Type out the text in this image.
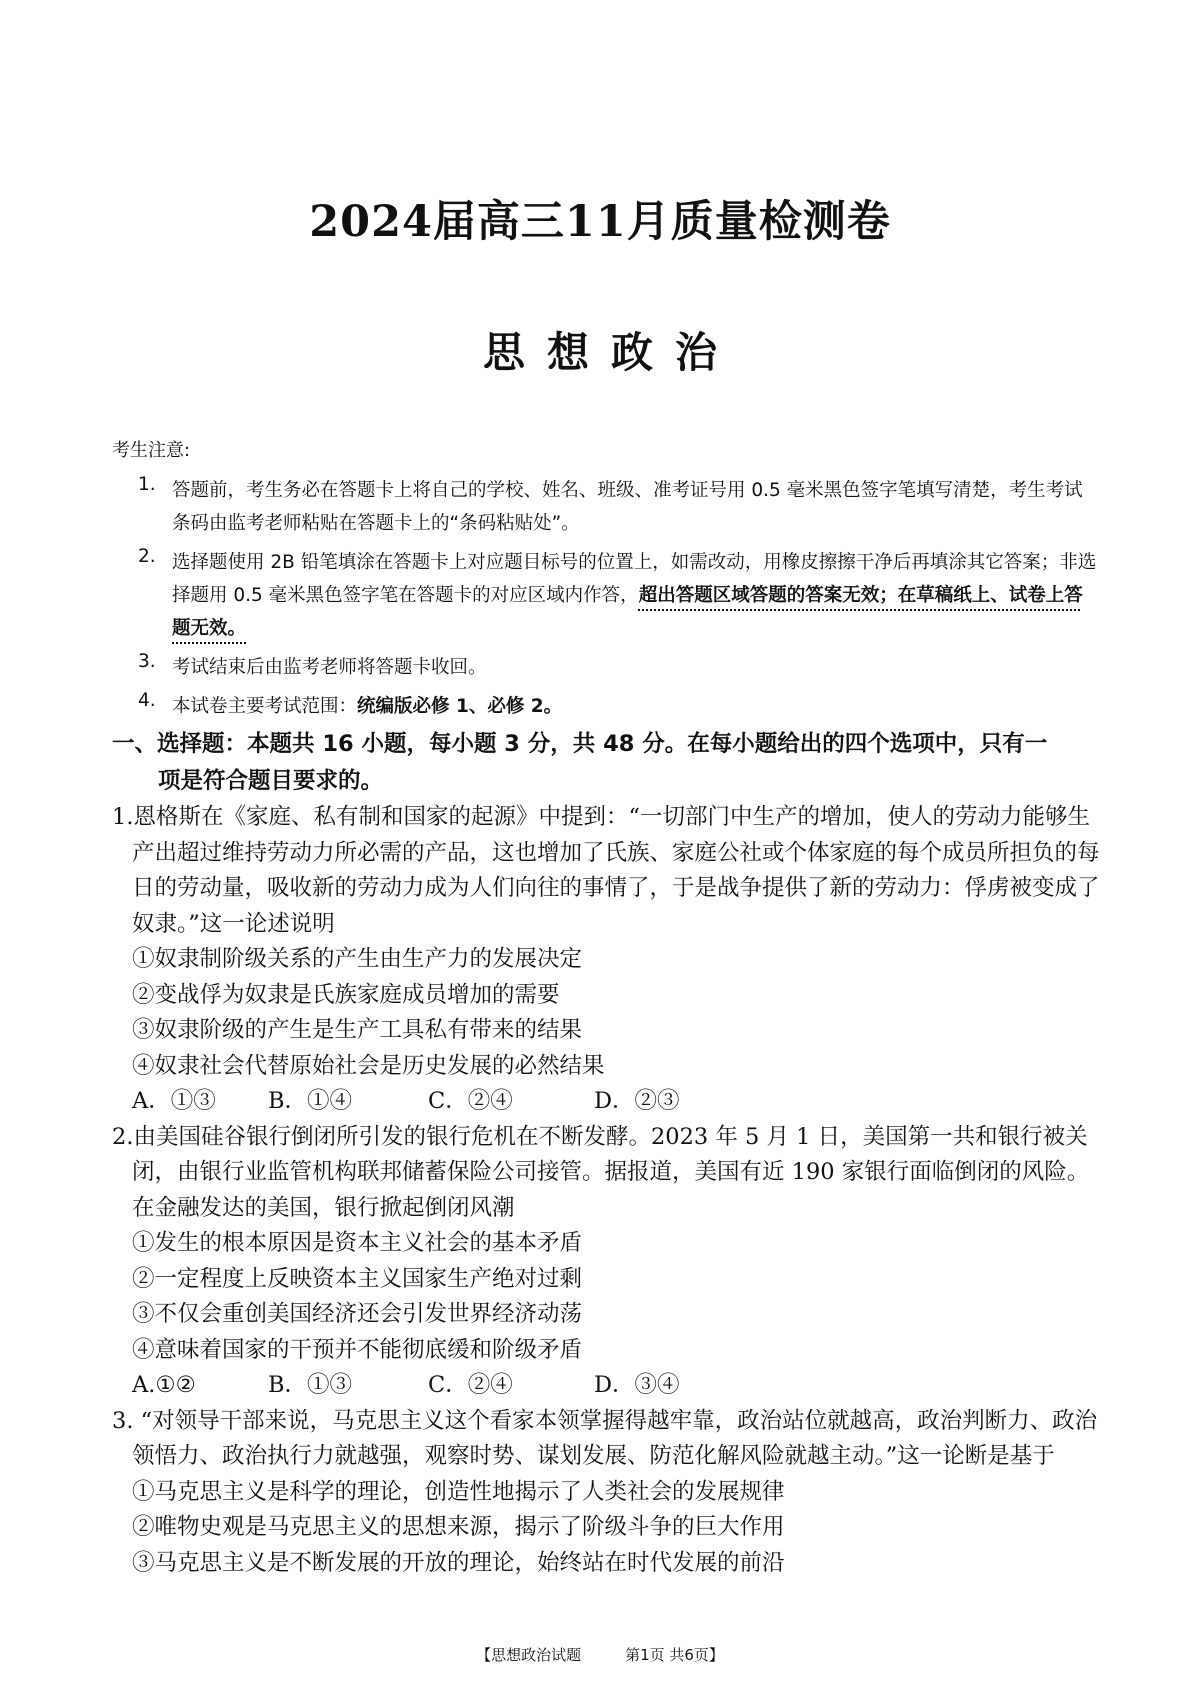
2024届高三11月质量检测卷
思想政治
考生注意:
1. 答题前，考生务必在答题卡上将自己的学校、姓名、班级、准考证号用 0.5 毫米黑色签字笔填写清楚，考生考试条码由监考老师粘贴在答题卡上的“条码粘贴处”。
2. 选择题使用 2B 铅笔填涂在答题卡上对应题目标号的位置上，如需改动，用橡皮擦擦干净后再填涂其它答案；非选择题用 0.5 毫米黑色签字笔在答题卡的对应区域内作答，超出答题区域答题的答案无效；在草稿纸上、试卷上答题无效。
3. 考试结束后由监考老师将答题卡收回。
4. 本试卷主要考试范围：统编版必修 1、必修 2。
一、选择题：本题共 16 小题，每小题 3 分，共 48 分。在每小题给出的四个选项中，只有一
项是符合题目要求的。
1.恩格斯在《家庭、私有制和国家的起源》中提到：“一切部门中生产的增加，使人的劳动力能够生产出超过维持劳动力所必需的产品，这也增加了氏族、家庭公社或个体家庭的每个成员所担负的每日的劳动量，吸收新的劳动力成为人们向往的事情了，于是战争提供了新的劳动力：俘虏被变成了奴隶。”这一论述说明
①奴隶制阶级关系的产生由生产力的发展决定
②变战俘为奴隶是氏族家庭成员增加的需要
③奴隶阶级的产生是生产工具私有带来的结果
④奴隶社会代替原始社会是历史发展的必然结果
A．①③	B．①④	C．②④	D．②③
2.由美国硅谷银行倒闭所引发的银行危机在不断发酵。2023 年 5 月 1 日，美国第一共和银行被关闭，由银行业监管机构联邦储蓄保险公司接管。据报道，美国有近 190 家银行面临倒闭的风险。在金融发达的美国，银行掀起倒闭风潮
①发生的根本原因是资本主义社会的基本矛盾
②一定程度上反映资本主义国家生产绝对过剩
③不仅会重创美国经济还会引发世界经济动荡
④意味着国家的干预并不能彻底缓和阶级矛盾
A.①②	B．①③	C．②④	D．③④
3. “对领导干部来说，马克思主义这个看家本领掌握得越牢靠，政治站位就越高，政治判断力、政治领悟力、政治执行力就越强，观察时势、谋划发展、防范化解风险就越主动。”这一论断是基于
①马克思主义是科学的理论，创造性地揭示了人类社会的发展规律
②唯物史观是马克思主义的思想来源，揭示了阶级斗争的巨大作用
③马克思主义是不断发展的开放的理论，始终站在时代发展的前沿
【思想政治试题	第1页 共6页】
